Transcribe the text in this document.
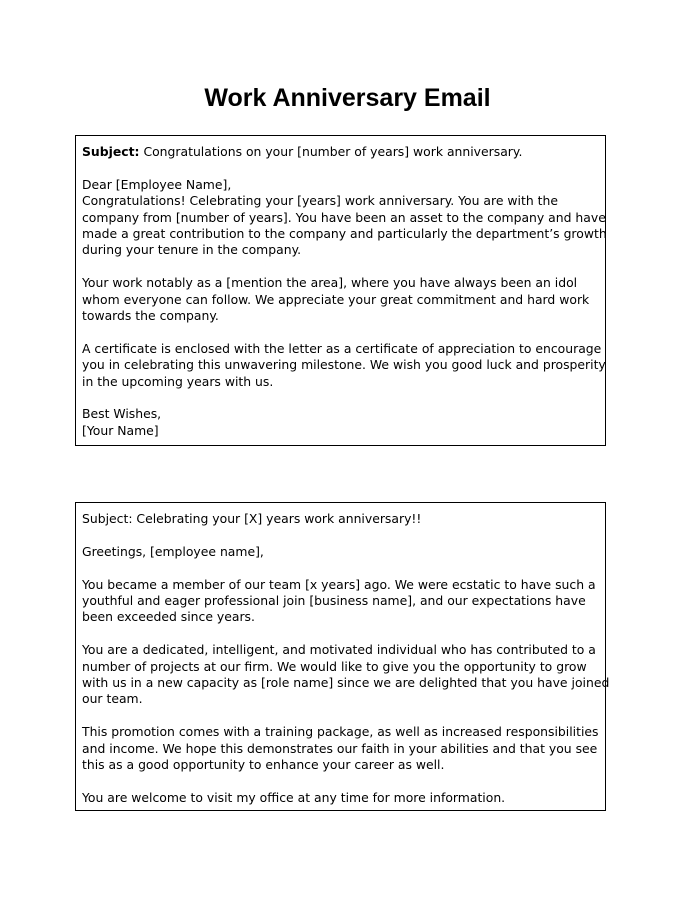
Work Anniversary Email

Subject: Congratulations on your [number of years] work anniversary.

Dear [Employee Name],
Congratulations! Celebrating your [years] work anniversary. You are with the
company from [number of years]. You have been an asset to the company and have
made a great contribution to the company and particularly the department’s growth
during your tenure in the company.

Your work notably as a [mention the area], where you have always been an idol
whom everyone can follow. We appreciate your great commitment and hard work
towards the company.

A certificate is enclosed with the letter as a certificate of appreciation to encourage
you in celebrating this unwavering milestone. We wish you good luck and prosperity
in the upcoming years with us.

Best Wishes,
[Your Name]

Subject: Celebrating your [X] years work anniversary!!

Greetings, [employee name],

You became a member of our team [x years] ago. We were ecstatic to have such a
youthful and eager professional join [business name], and our expectations have
been exceeded since years.

You are a dedicated, intelligent, and motivated individual who has contributed to a
number of projects at our firm. We would like to give you the opportunity to grow
with us in a new capacity as [role name] since we are delighted that you have joined
our team.

This promotion comes with a training package, as well as increased responsibilities
and income. We hope this demonstrates our faith in your abilities and that you see
this as a good opportunity to enhance your career as well.

You are welcome to visit my office at any time for more information.
